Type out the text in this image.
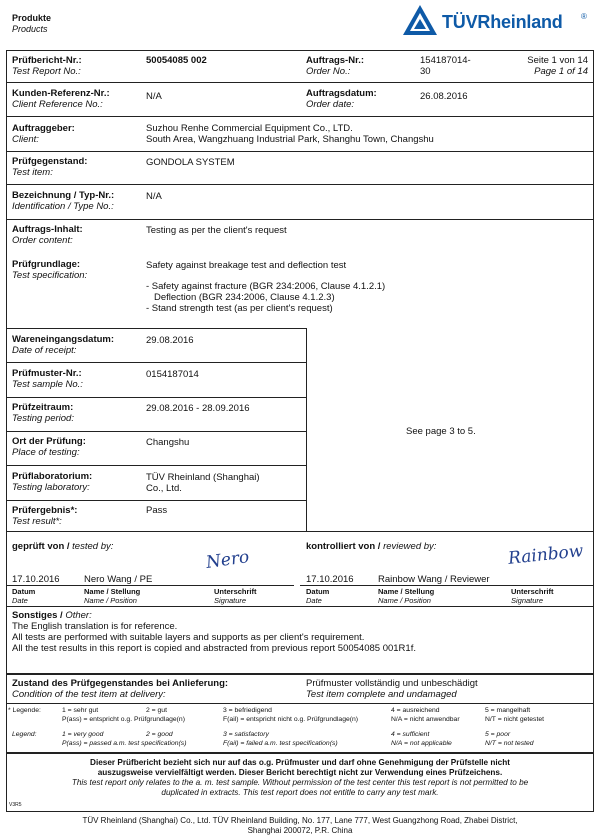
Produkte
Products	TÜVRheinland ®
Prüfbericht-Nr.:
Test Report No.:
50054085 002	Auftrags-Nr.:
Order No.:
154187014-
30
Seite 1 von 14
Page 1 of 14
Kunden-Referenz-Nr.:
Client Reference No.:
N/A	Auftragsdatum:
Order date:
26.08.2016
Auftraggeber:
Client:
Suzhou Renhe Commercial Equipment Co., LTD.
South Area, Wangzhuang Industrial Park, Shanghu Town, Changshu
Prüfgegenstand:
Test item:
GONDOLA SYSTEM
Bezeichnung / Typ-Nr.:
Identification / Type No.:
N/A
Auftrags-Inhalt:
Order content:
Testing as per the client's request
Prüfgrundlage:
Test specification:
Safety against breakage test and deflection test
- Safety against fracture (BGR 234:2006, Clause 4.1.2.1)
Deflection (BGR 234:2006, Clause 4.1.2.3)
- Stand strength test (as per client's request)
Wareneingangsdatum:
Date of receipt:
29.08.2016
Prüfmuster-Nr.:
Test sample No.:
0154187014
Prüfzeitraum:
Testing period:
29.08.2016 - 28.09.2016
See page 3 to 5.
Ort der Prüfung:
Place of testing:
Changshu
Prüflaboratorium:
Testing laboratory:
TÜV Rheinland (Shanghai)
Co., Ltd.
Prüfergebnis*:
Test result*:
Pass
geprüft von / tested by:	kontrolliert von / reviewed by:
Nero	Rainbow
17.10.2016	Nero Wang / PE	17.10.2016	Rainbow Wang / Reviewer
Datum
Date
Name / Stellung
Name / Position
Unterschrift
Signature
Datum
Date
Name / Stellung
Name / Position
Unterschrift
Signature
Sonstiges / Other:
The English translation is for reference.
All tests are performed with suitable layers and supports as per client's requirement.
All the test results in this report is copied and abstracted from previous report 50054085 001R1f.
Zustand des Prüfgegenstandes bei Anlieferung:
Condition of the test item at delivery:
Prüfmuster vollständig und unbeschädigt
Test item complete and undamaged
* Legende:	1 = sehr gut	2 = gut	3 = befriedigend	4 = ausreichend	5 = mangelhaft
P(ass) = entspricht o.g. Prüfgrundlage(n)	F(ail) = entspricht nicht o.g. Prüfgrundlage(n)	N/A = nicht anwendbar	N/T = nicht getestet
Legend:	1 = very good	2 = good	3 = satisfactory	4 = sufficient	5 = poor
P(ass) = passed a.m. test specification(s)	F(ail) = failed a.m. test specification(s)	N/A = not applicable	N/T = not tested
Dieser Prüfbericht bezieht sich nur auf das o.g. Prüfmuster und darf ohne Genehmigung der Prüfstelle nicht
auszugsweise vervielfältigt werden. Dieser Bericht berechtigt nicht zur Verwendung eines Prüfzeichens.
This test report only relates to the a. m. test sample. Without permission of the test center this test report is not permitted to be
duplicated in extracts. This test report does not entitle to carry any test mark.
V3R5
TÜV Rheinland (Shanghai) Co., Ltd. TÜV Rheinland Building, No. 177, Lane 777, West Guangzhong Road, Zhabei District,
Shanghai 200072, P.R. China
